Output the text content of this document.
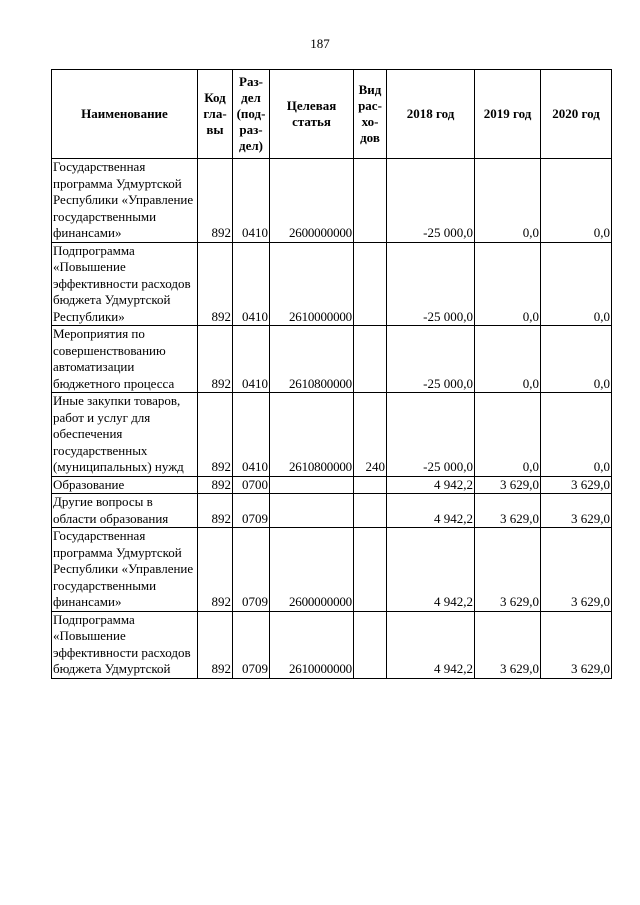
187
Наименование	Код гла-вы	Раз-дел (под-раз-дел)	Целевая статья	Вид рас-хо-дов	2018 год	2019 год	2020 год
Государственная программа Удмуртской Республики «Управление государственными финансами»	892	0410	2600000000		-25 000,0	0,0	0,0
Подпрограмма «Повышение эффективности расходов бюджета Удмуртской Республики»	892	0410	2610000000		-25 000,0	0,0	0,0
Мероприятия по совершенствованию автоматизации бюджетного процесса	892	0410	2610800000		-25 000,0	0,0	0,0
Иные закупки товаров, работ и услуг для обеспечения государственных (муниципальных) нужд	892	0410	2610800000	240	-25 000,0	0,0	0,0
Образование	892	0700			4 942,2	3 629,0	3 629,0
Другие вопросы в области образования	892	0709			4 942,2	3 629,0	3 629,0
Государственная программа Удмуртской Республики «Управление государственными финансами»	892	0709	2600000000		4 942,2	3 629,0	3 629,0
Подпрограмма «Повышение эффективности расходов бюджета Удмуртской	892	0709	2610000000		4 942,2	3 629,0	3 629,0
